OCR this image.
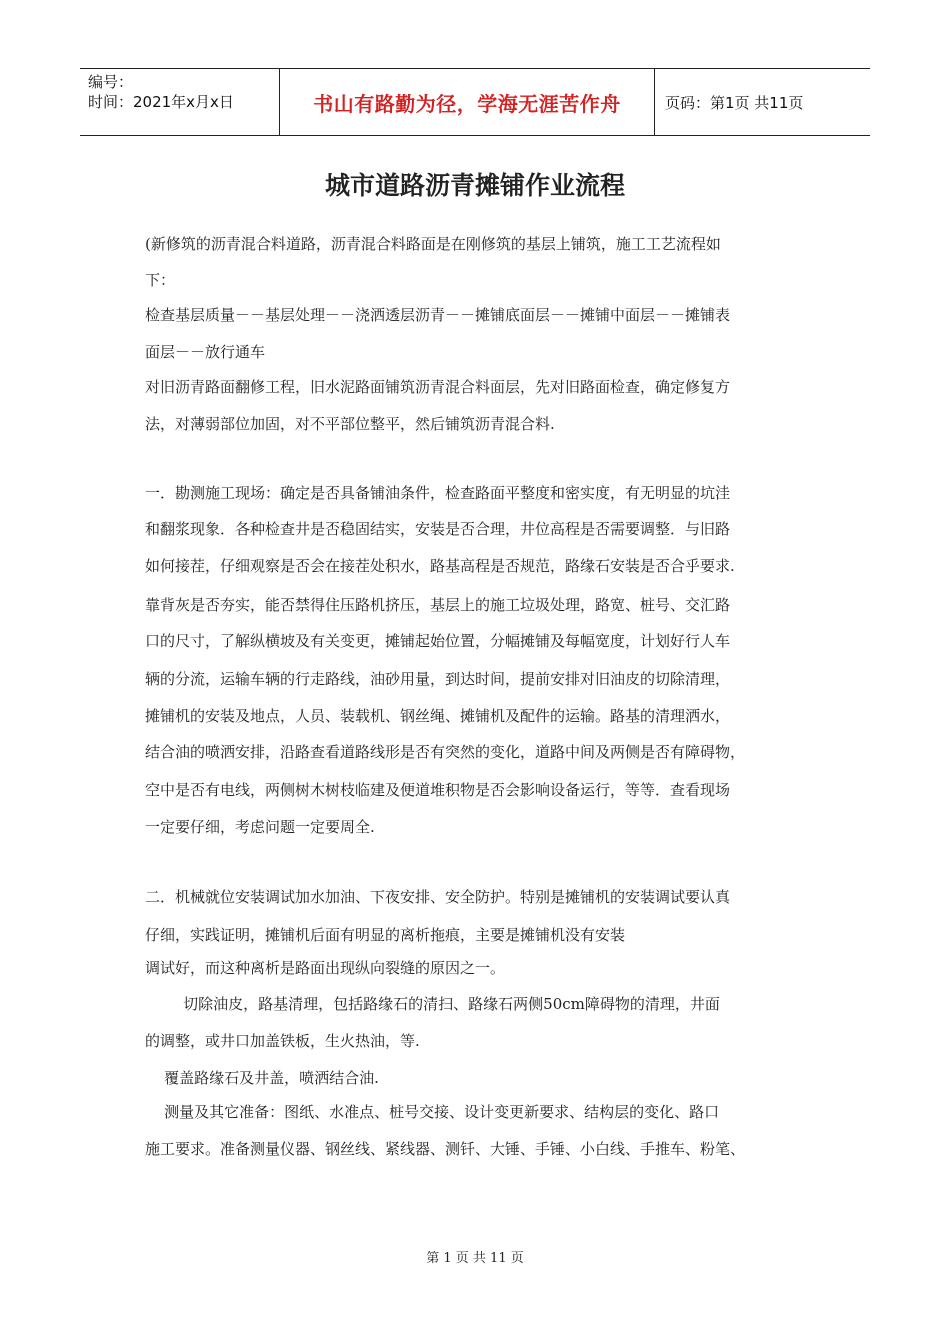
编号：
时间：2021年x月x日	书山有路勤为径，学海无涯苦作舟	页码：第1页 共11页
城市道路沥青摊铺作业流程
(新修筑的沥青混合料道路，沥青混合料路面是在刚修筑的基层上铺筑，施工工艺流程如
下：
检查基层质量－－基层处理－－浇洒透层沥青－－摊铺底面层－－摊铺中面层－－摊铺表
面层－－放行通车
对旧沥青路面翻修工程，旧水泥路面铺筑沥青混合料面层，先对旧路面检查，确定修复方
法，对薄弱部位加固，对不平部位整平，然后铺筑沥青混合料.
一．勘测施工现场：确定是否具备铺油条件，检查路面平整度和密实度，有无明显的坑洼
和翻浆现象．各种检查井是否稳固结实，安装是否合理，井位高程是否需要调整．与旧路
如何接茬，仔细观察是否会在接茬处积水，路基高程是否规范，路缘石安装是否合乎要求.
靠背灰是否夯实，能否禁得住压路机挤压，基层上的施工垃圾处理，路宽、桩号、交汇路
口的尺寸，了解纵横坡及有关变更，摊铺起始位置，分幅摊铺及每幅宽度，计划好行人车
辆的分流，运输车辆的行走路线，油砂用量，到达时间，提前安排对旧油皮的切除清理，
摊铺机的安装及地点，人员、装载机、钢丝绳、摊铺机及配件的运输。路基的清理洒水，
结合油的喷洒安排，沿路查看道路线形是否有突然的变化，道路中间及两侧是否有障碍物，
空中是否有电线，两侧树木树枝临建及便道堆积物是否会影响设备运行，等等．查看现场
一定要仔细，考虑问题一定要周全.
二．机械就位安装调试加水加油、下夜安排、安全防护。特别是摊铺机的安装调试要认真
仔细，实践证明，摊铺机后面有明显的离析拖痕，主要是摊铺机没有安装
调试好，而这种离析是路面出现纵向裂缝的原因之一。
切除油皮，路基清理，包括路缘石的清扫、路缘石两侧50cm障碍物的清理，井面
的调整，或井口加盖铁板，生火热油，等.
覆盖路缘石及井盖，喷洒结合油.
测量及其它准备：图纸、水准点、桩号交接、设计变更新要求、结构层的变化、路口
施工要求。准备测量仪器、钢丝线、紧线器、测钎、大锤、手锤、小白线、手推车、粉笔、
第 1 页 共 11 页
